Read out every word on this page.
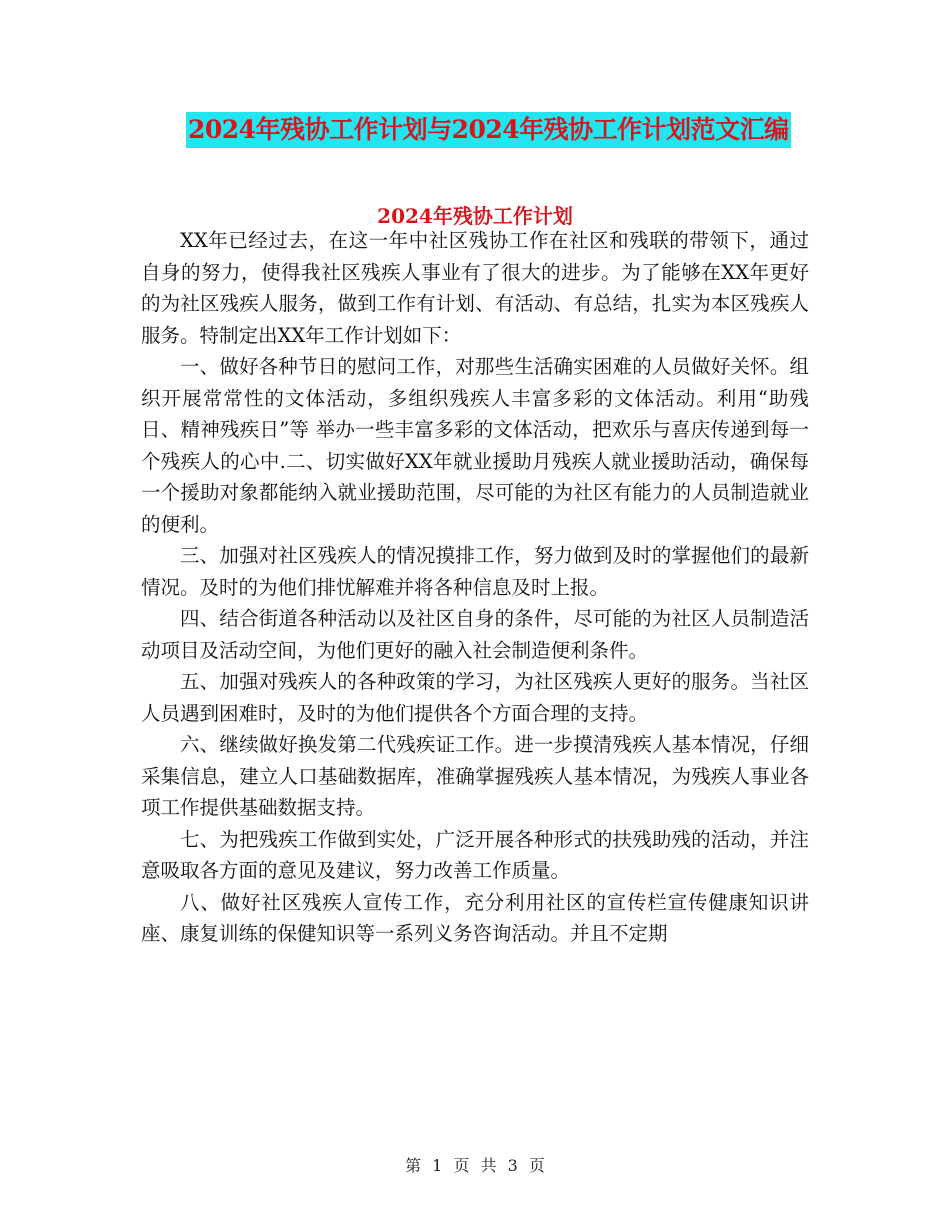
2024年残协工作计划与2024年残协工作计划范文汇编
2024年残协工作计划

XX年已经过去，在这一年中社区残协工作在社区和残联的带领下，通过自身的努力，使得我社区残疾人事业有了很大的进步。为了能够在XX年更好的为社区残疾人服务，做到工作有计划、有活动、有总结，扎实为本区残疾人服务。特制定出XX年工作计划如下：

一、做好各种节日的慰问工作，对那些生活确实困难的人员做好关怀。组织开展常常性的文体活动，多组织残疾人丰富多彩的文体活动。利用“助残日、精神残疾日”等 举办一些丰富多彩的文体活动，把欢乐与喜庆传递到每一个残疾人的心中.二、切实做好XX年就业援助月残疾人就业援助活动，确保每一个援助对象都能纳入就业援助范围，尽可能的为社区有能力的人员制造就业的便利。

三、加强对社区残疾人的情况摸排工作，努力做到及时的掌握他们的最新情况。及时的为他们排忧解难并将各种信息及时上报。

四、结合街道各种活动以及社区自身的条件，尽可能的为社区人员制造活动项目及活动空间，为他们更好的融入社会制造便利条件。

五、加强对残疾人的各种政策的学习，为社区残疾人更好的服务。当社区人员遇到困难时，及时的为他们提供各个方面合理的支持。

六、继续做好换发第二代残疾证工作。进一步摸清残疾人基本情况，仔细采集信息，建立人口基础数据库，准确掌握残疾人基本情况，为残疾人事业各项工作提供基础数据支持。

七、为把残疾工作做到实处，广泛开展各种形式的扶残助残的活动，并注意吸取各方面的意见及建议，努力改善工作质量。

八、做好社区残疾人宣传工作，充分利用社区的宣传栏宣传健康知识讲座、康复训练的保健知识等一系列义务咨询活动。并且不定期

第 1 页 共 3 页
